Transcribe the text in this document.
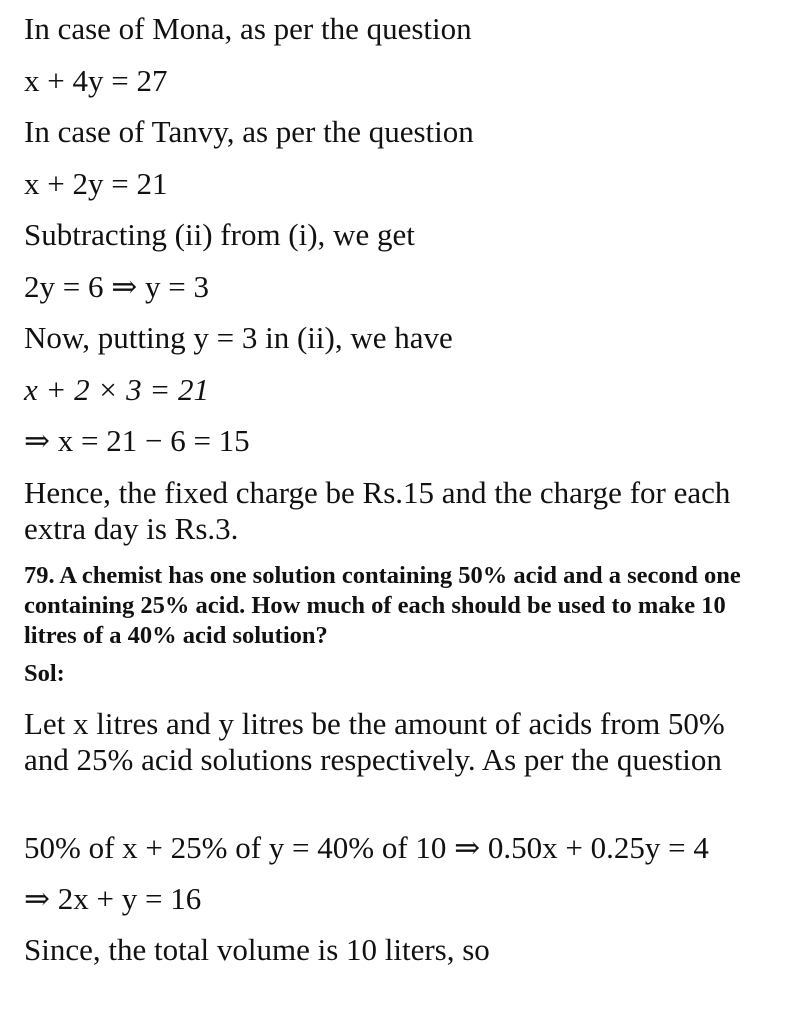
In case of Mona, as per the question
x + 4y = 27
In case of Tanvy, as per the question
x + 2y = 21
Subtracting (ii) from (i), we get
2y = 6 ⇒ y = 3
Now, putting y = 3 in (ii), we have
x + 2 × 3 = 21
⇒ x = 21 − 6 = 15
Hence, the fixed charge be Rs.15 and the charge for each extra day is Rs.3.
79. A chemist has one solution containing 50% acid and a second one containing 25% acid. How much of each should be used to make 10 litres of a 40% acid solution?
Sol:
Let x litres and y litres be the amount of acids from 50% and 25% acid solutions respectively. As per the question
50% of x + 25% of y = 40% of 10 ⇒ 0.50x + 0.25y = 4
⇒ 2x + y = 16
Since, the total volume is 10 liters, so
